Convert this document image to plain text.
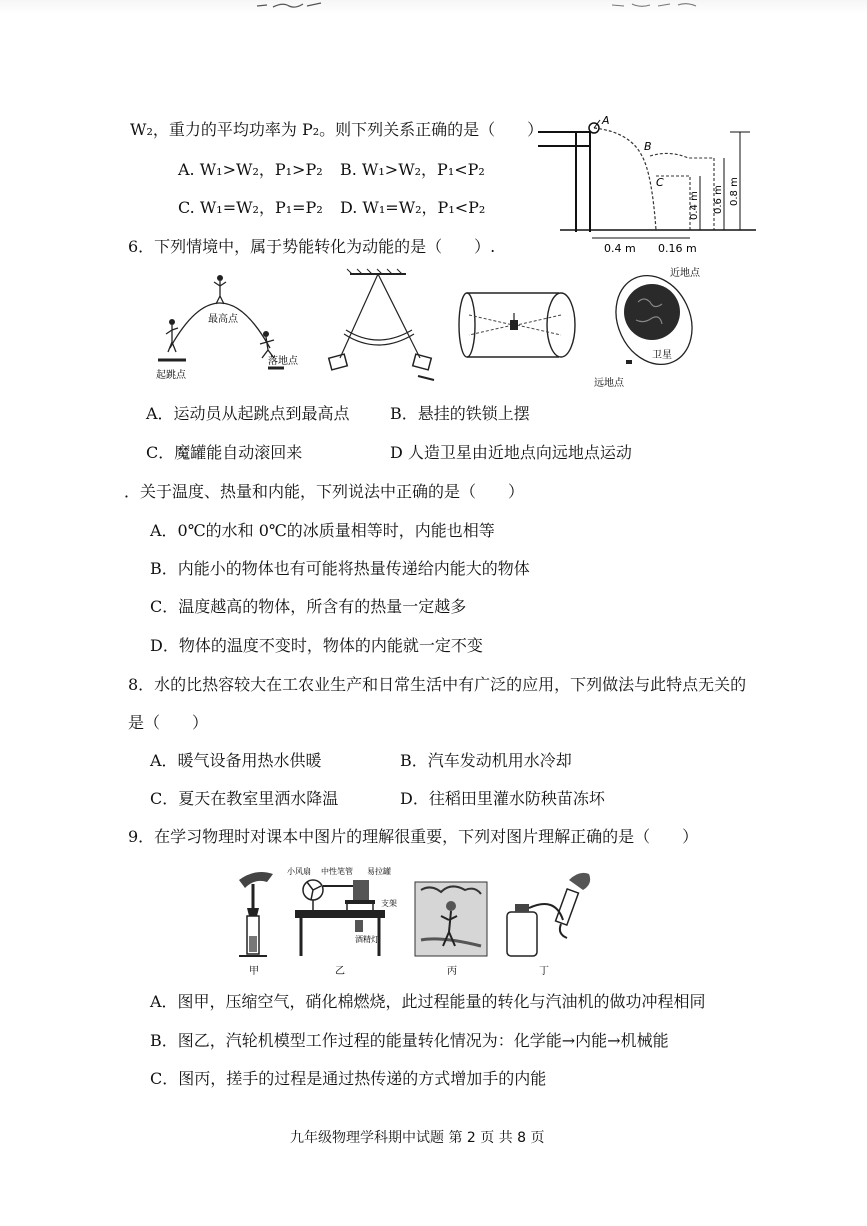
W₂，重力的平均功率为 P₂。则下列关系正确的是（　　）
A. W₁>W₂，P₁>P₂ B. W₁>W₂，P₁<P₂
C. W₁=W₂，P₁=P₂ D. W₁=W₂，P₁<P₂
A
B
C
0.4 m 0.6 m 0.8 m
0.4 m 0.16 m
6．下列情境中，属于势能转化为动能的是（　　）.
最高点
起跳点
落地点
近地点
远地点
卫星
A．运动员从起跳点到最高点	B．悬挂的铁锁上摆
C．魔罐能自动滚回来	D 人造卫星由近地点向远地点运动
．关于温度、热量和内能，下列说法中正确的是（　　）
A．0℃的水和 0℃的冰质量相等时，内能也相等
B．内能小的物体也有可能将热量传递给内能大的物体
C．温度越高的物体，所含有的热量一定越多
D．物体的温度不变时，物体的内能就一定不变
8．水的比热容较大在工农业生产和日常生活中有广泛的应用，下列做法与此特点无关的
是（　　）
A．暖气设备用热水供暖	B．汽车发动机用水冷却
C．夏天在教室里洒水降温	D．往稻田里灌水防秧苗冻坏
9．在学习物理时对课本中图片的理解很重要，下列对图片理解正确的是（　　）
甲
小风扇 中性笔管 易拉罐
支架
酒精灯
乙	丙	丁
A．图甲，压缩空气，硝化棉燃烧，此过程能量的转化与汽油机的做功冲程相同
B．图乙，汽轮机模型工作过程的能量转化情况为：化学能→内能→机械能
C．图丙，搓手的过程是通过热传递的方式增加手的内能
九年级物理学科期中试题 第 2 页 共 8 页
